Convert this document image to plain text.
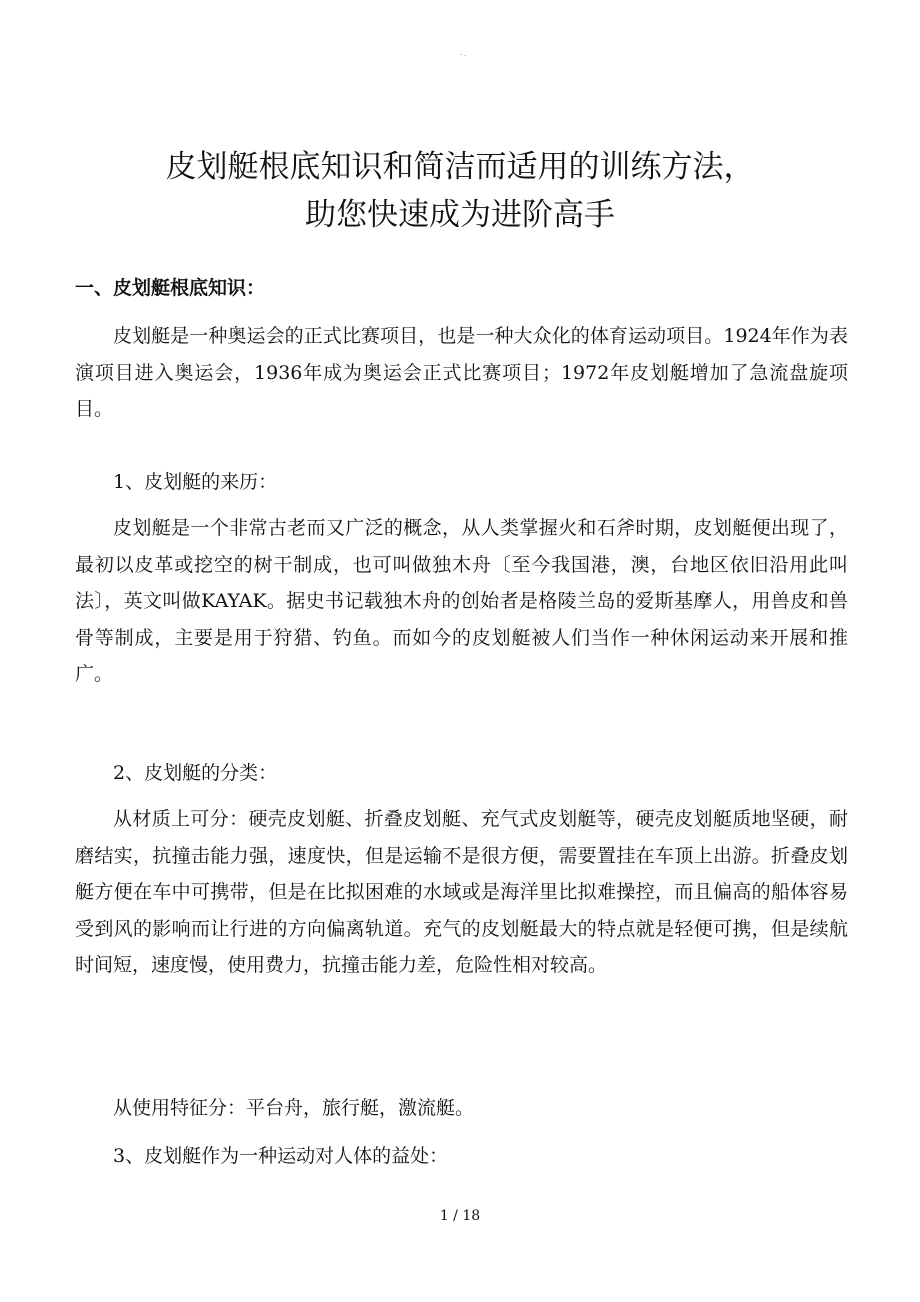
- .
皮划艇根底知识和简洁而适用的训练方法，
助您快速成为进阶高手
一、皮划艇根底知识：

皮划艇是一种奥运会的正式比赛项目，也是一种大众化的体育运动项目。1924年作为表演项目进入奥运会，1936年成为奥运会正式比赛项目；1972年皮划艇增加了急流盘旋项目。

1、皮划艇的来历：

皮划艇是一个非常古老而又广泛的概念，从人类掌握火和石斧时期，皮划艇便出现了，最初以皮革或挖空的树干制成，也可叫做独木舟〔至今我国港，澳，台地区依旧沿用此叫法〕，英文叫做KAYAK。据史书记载独木舟的创始者是格陵兰岛的爱斯基摩人，用兽皮和兽骨等制成，主要是用于狩猎、钓鱼。而如今的皮划艇被人们当作一种休闲运动来开展和推广。

2、皮划艇的分类：

从材质上可分：硬壳皮划艇、折叠皮划艇、充气式皮划艇等，硬壳皮划艇质地坚硬，耐磨结实，抗撞击能力强，速度快，但是运输不是很方便，需要置挂在车顶上出游。折叠皮划艇方便在车中可携带，但是在比拟困难的水域或是海洋里比拟难操控，而且偏高的船体容易受到风的影响而让行进的方向偏离轨道。充气的皮划艇最大的特点就是轻便可携，但是续航时间短，速度慢，使用费力，抗撞击能力差，危险性相对较高。

从使用特征分：平台舟，旅行艇，激流艇。

3、皮划艇作为一种运动对人体的益处：

1 / 18
